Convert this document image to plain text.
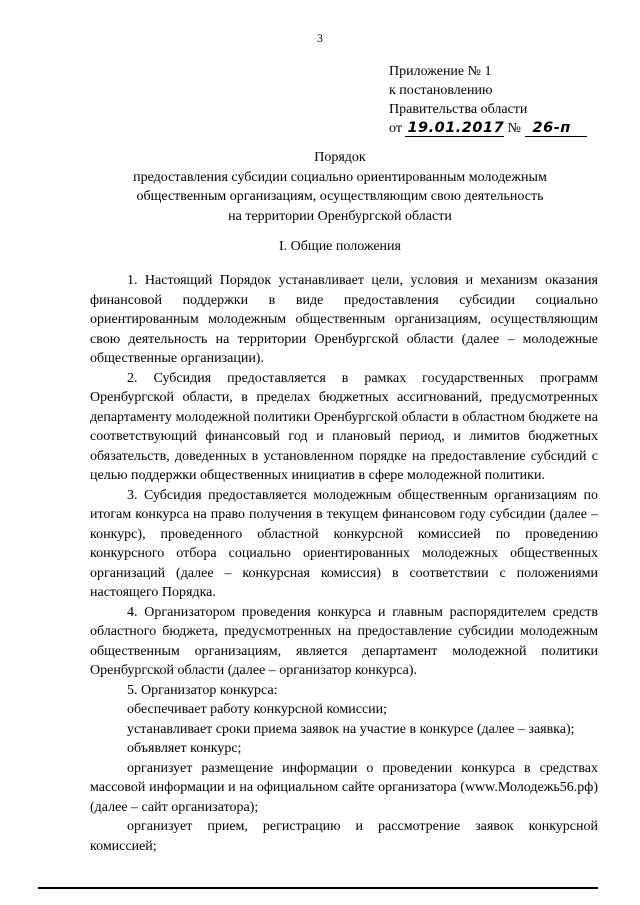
3
Приложение № 1
к постановлению
Правительства области
от 19.01.2017 № 26-п
Порядок
предоставления субсидии социально ориентированным молодежным
общественным организациям, осуществляющим свою деятельность
на территории Оренбургской области
I. Общие положения

1. Настоящий Порядок устанавливает цели, условия и механизм оказания финансовой поддержки в виде предоставления субсидии социально ориентированным молодежным общественным организациям, осуществляющим свою деятельность на территории Оренбургской области (далее – молодежные общественные организации).

2. Субсидия предоставляется в рамках государственных программ Оренбургской области, в пределах бюджетных ассигнований, предусмотренных департаменту молодежной политики Оренбургской области в областном бюджете на соответствующий финансовый год и плановый период, и лимитов бюджетных обязательств, доведенных в установленном порядке на предоставление субсидий с целью поддержки общественных инициатив в сфере молодежной политики.

3. Субсидия предоставляется молодежным общественным организациям по итогам конкурса на право получения в текущем финансовом году субсидии (далее – конкурс), проведенного областной конкурсной комиссией по проведению конкурсного отбора социально ориентированных молодежных общественных организаций (далее – конкурсная комиссия) в соответствии с положениями настоящего Порядка.

4. Организатором проведения конкурса и главным распорядителем средств областного бюджета, предусмотренных на предоставление субсидии молодежным общественным организациям, является департамент молодежной политики Оренбургской области (далее – организатор конкурса).

5. Организатор конкурса:

обеспечивает работу конкурсной комиссии;

устанавливает сроки приема заявок на участие в конкурсе (далее – заявка);

объявляет конкурс;

организует размещение информации о проведении конкурса в средствах массовой информации и на официальном сайте организатора (www.Молодежь56.рф) (далее – сайт организатора);

организует прием, регистрацию и рассмотрение заявок конкурсной комиссией;
